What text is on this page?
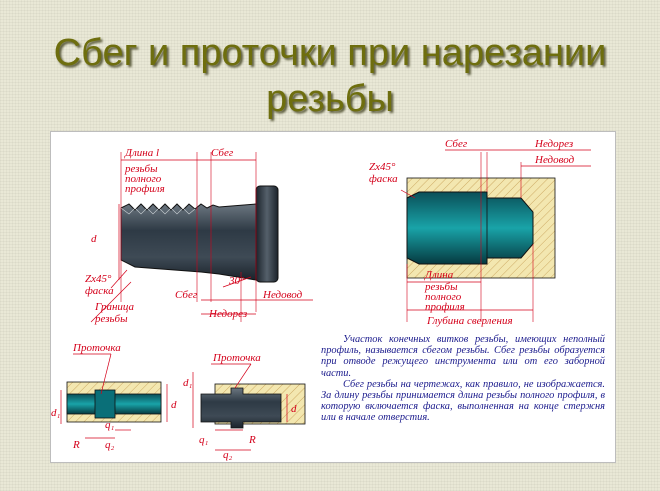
Сбег и проточки при нарезании
резьбы
Длина l
резьбы
полного
профиля
Сбег
d
Zx45°
фаска
Граница
резьбы
Сбег
Недорез
Недовод
30°
Сбег	Недорез
Недовод
Zx45°
фаска
Длина
резьбы
полного
профиля
Глубина сверления
Проточка
d₁
d
q₁
q₂
R
Проточка
d₁
d
q₁
q₂
R

Участок конечных витков резьбы, имеющих неполный профиль, называется сбегом резьбы. Сбег резьбы образуется при отводе режущего инструмента или от его заборной части.

Сбег резьбы на чертежах, как правило, не изображается. За длину резьбы принимается длина резьбы полного профиля, в которую включается фаска, выполненная на конце стержня или в начале отверстия.
